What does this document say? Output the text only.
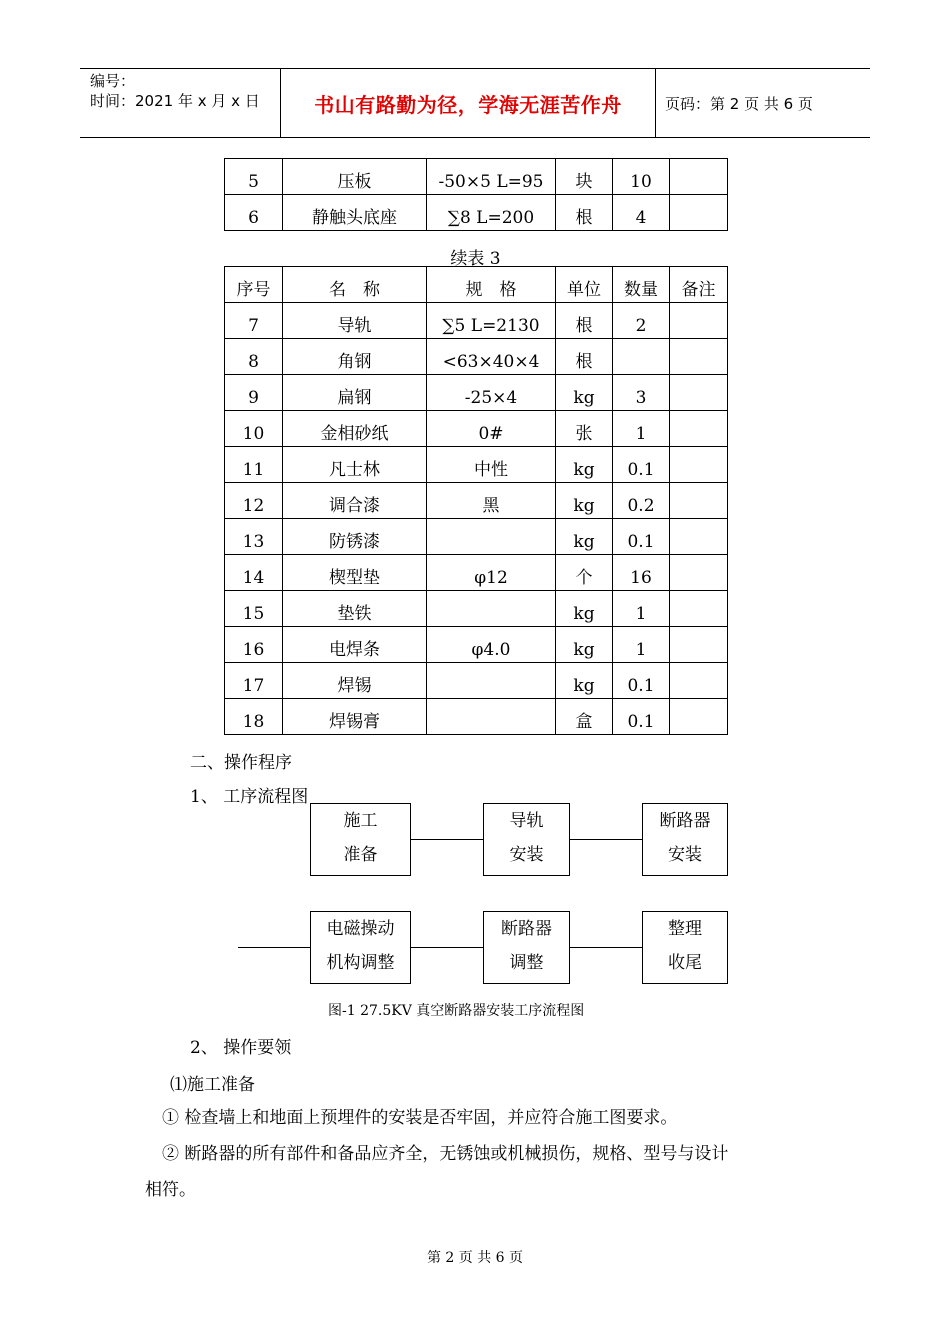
编号：
时间：2021 年 x 月 x 日	书山有路勤为径，学海无涯苦作舟	页码：第 2 页 共 6 页
5	压板	-50×5 L=95	块	10	
6	静触头底座	∑8 L=200	根	4	
续表 3
序号	名　称	规　格	单位	数量	备注
7	导轨	∑5 L=2130	根	2	
8	角钢	<63×40×4	根		
9	扁钢	-25×4	kg	3	
10	金相砂纸	0#	张	1	
11	凡士林	中性	kg	0.1	
12	调合漆	黑	kg	0.2	
13	防锈漆		kg	0.1	
14	楔型垫	φ12	个	16	
15	垫铁		kg	1	
16	电焊条	φ4.0	kg	1	
17	焊锡		kg	0.1	
18	焊锡膏		盒	0.1	
二、操作程序
1、 工序流程图
施工
准备
导轨
安装
断路器
安装
电磁操动
机构调整
断路器
调整
整理
收尾
图-1 27.5KV 真空断路器安装工序流程图
2、 操作要领
⑴施工准备
① 检查墙上和地面上预埋件的安装是否牢固，并应符合施工图要求。
② 断路器的所有部件和备品应齐全，无锈蚀或机械损伤，规格、型号与设计
相符。
第 2 页 共 6 页
